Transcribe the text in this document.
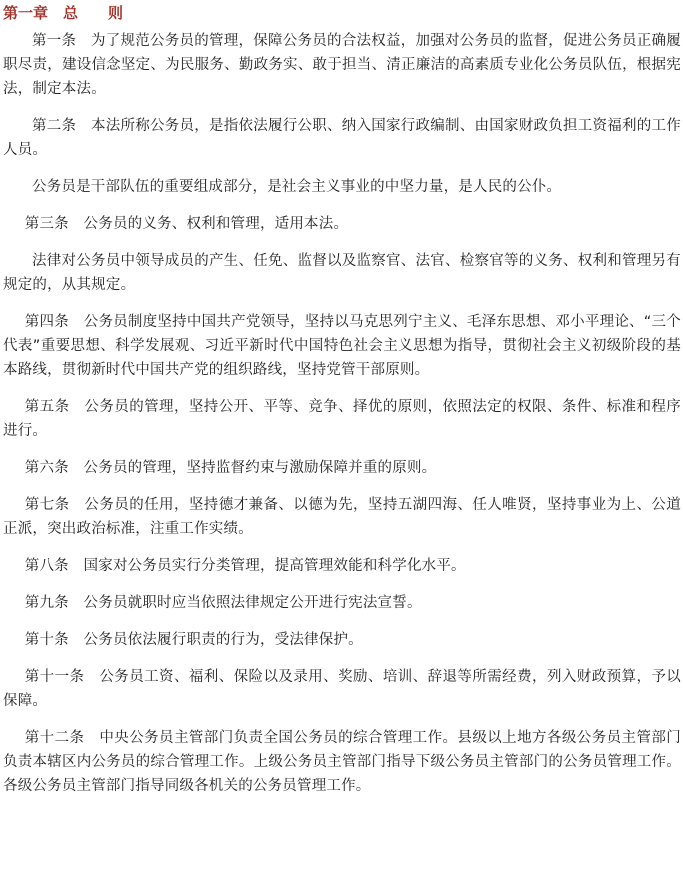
第一章　总　　则

第一条　为了规范公务员的管理，保障公务员的合法权益，加强对公务员的监督，促进公务员正确履职尽责，建设信念坚定、为民服务、勤政务实、敢于担当、清正廉洁的高素质专业化公务员队伍，根据宪法，制定本法。

第二条　本法所称公务员，是指依法履行公职、纳入国家行政编制、由国家财政负担工资福利的工作人员。

公务员是干部队伍的重要组成部分，是社会主义事业的中坚力量，是人民的公仆。

第三条　公务员的义务、权利和管理，适用本法。

法律对公务员中领导成员的产生、任免、监督以及监察官、法官、检察官等的义务、权利和管理另有规定的，从其规定。

第四条　公务员制度坚持中国共产党领导，坚持以马克思列宁主义、毛泽东思想、邓小平理论、“三个代表”重要思想、科学发展观、习近平新时代中国特色社会主义思想为指导，贯彻社会主义初级阶段的基本路线，贯彻新时代中国共产党的组织路线，坚持党管干部原则。

第五条　公务员的管理，坚持公开、平等、竞争、择优的原则，依照法定的权限、条件、标准和程序进行。

第六条　公务员的管理，坚持监督约束与激励保障并重的原则。

第七条　公务员的任用，坚持德才兼备、以德为先，坚持五湖四海、任人唯贤，坚持事业为上、公道正派，突出政治标准，注重工作实绩。

第八条　国家对公务员实行分类管理，提高管理效能和科学化水平。

第九条　公务员就职时应当依照法律规定公开进行宪法宣誓。

第十条　公务员依法履行职责的行为，受法律保护。

第十一条　公务员工资、福利、保险以及录用、奖励、培训、辞退等所需经费，列入财政预算，予以保障。

第十二条　中央公务员主管部门负责全国公务员的综合管理工作。县级以上地方各级公务员主管部门负责本辖区内公务员的综合管理工作。上级公务员主管部门指导下级公务员主管部门的公务员管理工作。各级公务员主管部门指导同级各机关的公务员管理工作。
